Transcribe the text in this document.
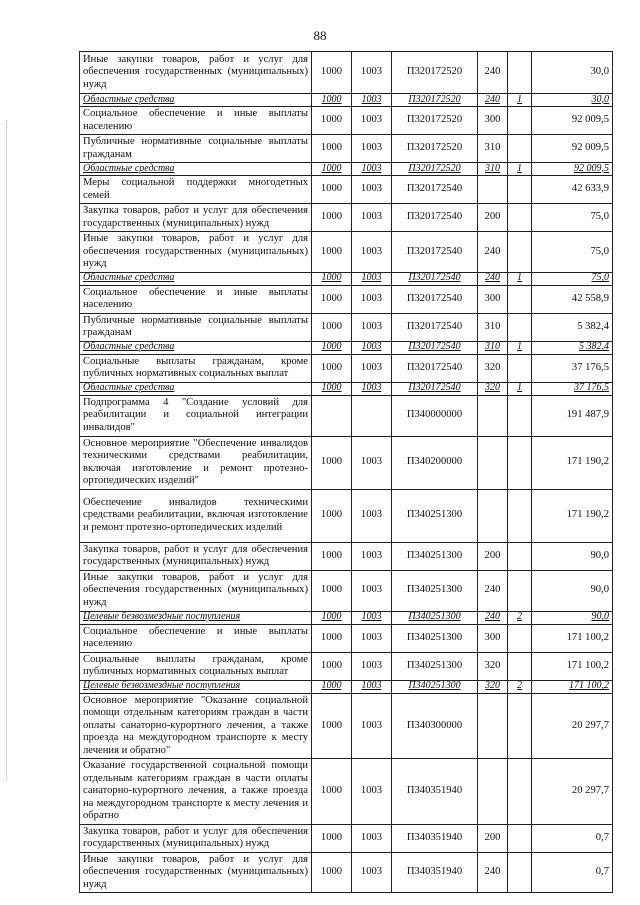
88
Иные закупки товаров, работ и услуг для обеспечения государственных (муниципальных) нужд	1000	1003	П320172520	240		30,0
Областные средства	1000	1003	П320172520	240	1	30,0
Социальное обеспечение и иные выплаты населению	1000	1003	П320172520	300		92 009,5
Публичные нормативные социальные выплаты гражданам	1000	1003	П320172520	310		92 009,5
Областные средства	1000	1003	П320172520	310	1	92 009,5
Меры социальной поддержки многодетных семей	1000	1003	П320172540			42 633,9
Закупка товаров, работ и услуг для обеспечения государственных (муниципальных) нужд	1000	1003	П320172540	200		75,0
Иные закупки товаров, работ и услуг для обеспечения государственных (муниципальных) нужд	1000	1003	П320172540	240		75,0
Областные средства	1000	1003	П320172540	240	1	75,0
Социальное обеспечение и иные выплаты населению	1000	1003	П320172540	300		42 558,9
Публичные нормативные социальные выплаты гражданам	1000	1003	П320172540	310		5 382,4
Областные средства	1000	1003	П320172540	310	1	5 382,4
Социальные выплаты гражданам, кроме публичных нормативных социальных выплат	1000	1003	П320172540	320		37 176,5
Областные средства	1000	1003	П320172540	320	1	37 176,5
Подпрограмма 4 "Создание условий для реабилитации и социальной интеграции инвалидов"			П340000000			191 487,9
Основное мероприятие "Обеспечение инвалидов техническими средствами реабилитации, включая изготовление и ремонт протезно-ортопедических изделий"	1000	1003	П340200000			171 190,2
Обеспечение инвалидов техническими средствами реабилитации, включая изготовление и ремонт протезно-ортопедических изделий	1000	1003	П340251300			171 190,2
Закупка товаров, работ и услуг для обеспечения государственных (муниципальных) нужд	1000	1003	П340251300	200		90,0
Иные закупки товаров, работ и услуг для обеспечения государственных (муниципальных) нужд	1000	1003	П340251300	240		90,0
Целевые безвозмездные поступления	1000	1003	П340251300	240	2	90,0
Социальное обеспечение и иные выплаты населению	1000	1003	П340251300	300		171 100,2
Социальные выплаты гражданам, кроме публичных нормативных социальных выплат	1000	1003	П340251300	320		171 100,2
Целевые безвозмездные поступления	1000	1003	П340251300	320	2	171 100,2
Основное мероприятие "Оказание социальной помощи отдельным категориям граждан в части оплаты санаторно-курортного лечения, а также проезда на междугородном транспорте к месту лечения и обратно"	1000	1003	П340300000			20 297,7
Оказание государственной социальной помощи отдельным категориям граждан в части оплаты санаторно-курортного лечения, а также проезда на междугородном транспорте к месту лечения и обратно	1000	1003	П340351940			20 297,7
Закупка товаров, работ и услуг для обеспечения государственных (муниципальных) нужд	1000	1003	П340351940	200		0,7
Иные закупки товаров, работ и услуг для обеспечения государственных (муниципальных) нужд	1000	1003	П340351940	240		0,7
